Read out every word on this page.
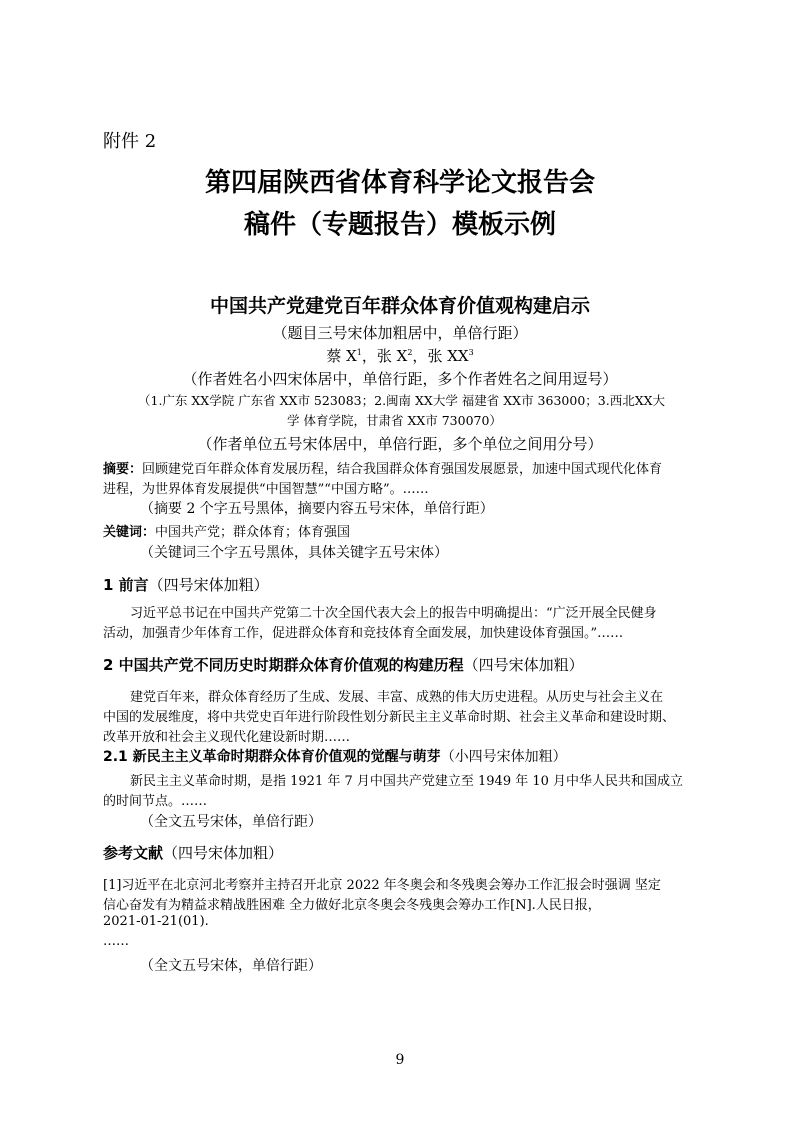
附件 2
第四届陕西省体育科学论文报告会
稿件（专题报告）模板示例
中国共产党建党百年群众体育价值观构建启示
（题目三号宋体加粗居中，单倍行距）
蔡 $X^1$，张 $X^2$，张 $XX^3$
（作者姓名小四宋体居中，单倍行距，多个作者姓名之间用逗号）
（1.广东 XX学院 广东省 XX市 523083；2.闽南 XX大学 福建省 XX市 363000；3.西北XX大
学 体育学院，甘肃省 XX市 730070）
（作者单位五号宋体居中，单倍行距，多个单位之间用分号）
摘要：回顾建党百年群众体育发展历程，结合我国群众体育强国发展愿景，加速中国式现代化体育
进程，为世界体育发展提供“中国智慧”“中国方略”。……
（摘要 2 个字五号黑体，摘要内容五号宋体，单倍行距）
关键词：中国共产党；群众体育；体育强国
（关键词三个字五号黑体，具体关键字五号宋体）
1 前言（四号宋体加粗）
习近平总书记在中国共产党第二十次全国代表大会上的报告中明确提出：“广泛开展全民健身
活动，加强青少年体育工作，促进群众体育和竞技体育全面发展，加快建设体育强国。”……
2 中国共产党不同历史时期群众体育价值观的构建历程（四号宋体加粗）
建党百年来，群众体育经历了生成、发展、丰富、成熟的伟大历史进程。从历史与社会主义在
中国的发展维度，将中共党史百年进行阶段性划分新民主主义革命时期、社会主义革命和建设时期、
改革开放和社会主义现代化建设新时期……
2.1 新民主主义革命时期群众体育价值观的觉醒与萌芽（小四号宋体加粗）
新民主主义革命时期，是指 1921 年 7 月中国共产党建立至 1949 年 10 月中华人民共和国成立
的时间节点。……
（全文五号宋体，单倍行距）
参考文献（四号宋体加粗）
[1]习近平在北京河北考察并主持召开北京 2022 年冬奥会和冬残奥会筹办工作汇报会时强调 坚定
信心奋发有为精益求精战胜困难 全力做好北京冬奥会冬残奥会筹办工作[N].人民日报，
2021-01-21(01).
……
（全文五号宋体，单倍行距）
9
